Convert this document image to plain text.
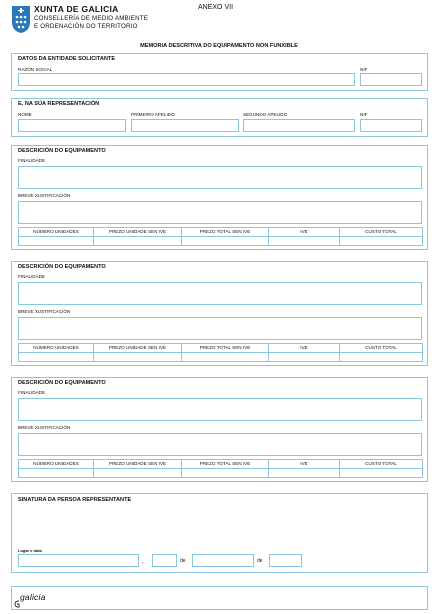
XUNTA DE GALICIA
CONSELLERÍA DE MEDIO AMBIENTE
E ORDENACIÓN DO TERRITORIO
ANEXO VII
MEMORIA DESCRITIVA DO EQUIPAMENTO NON FUNXIBLE
DATOS DA ENTIDADE SOLICITANTE
RAZÓN SOCIAL	NIF
E, NA SÚA REPRESENTACIÓN
NOME	PRIMEIRO APELIDO	SEGUNDO APELIDO	NIF
DESCRICIÓN DO EQUIPAMENTO
FINALIDADE
BREVE XUSTIFICACIÓN
NÚMERO UNIDADES	PREZO UNIDADE SEN IVE	PREZO TOTAL SEN IVE	IVE	CUSTO TOTAL
DESCRICIÓN DO EQUIPAMENTO
FINALIDADE
BREVE XUSTIFICACIÓN
NÚMERO UNIDADES	PREZO UNIDADE SEN IVE	PREZO TOTAL SEN IVE	IVE	CUSTO TOTAL
DESCRICIÓN DO EQUIPAMENTO
FINALIDADE
BREVE XUSTIFICACIÓN
NÚMERO UNIDADES	PREZO UNIDADE SEN IVE	PREZO TOTAL SEN IVE	IVE	CUSTO TOTAL
SINATURA DA PERSOA REPRESENTANTE
Lugar e data
,	de	de
galicia
